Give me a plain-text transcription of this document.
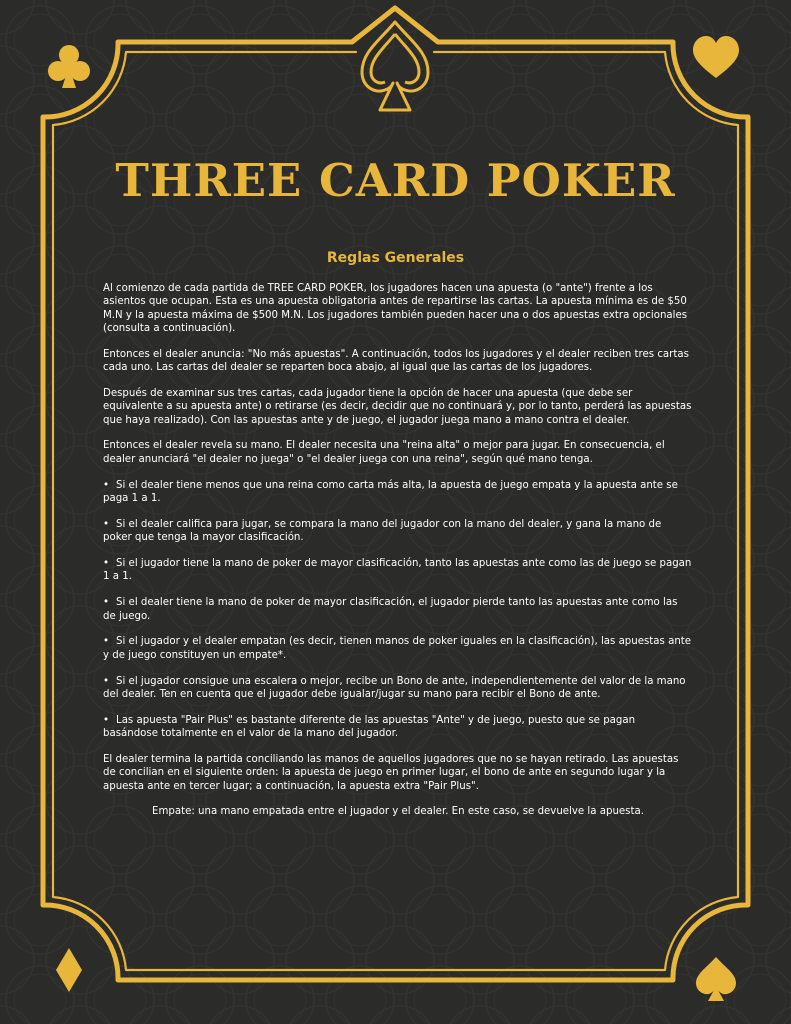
THREE CARD POKER
Reglas Generales

Al comienzo de cada partida de TREE CARD POKER, los jugadores hacen una apuesta (o "ante") frente a los asientos que ocupan. Esta es una apuesta obligatoria antes de repartirse las cartas. La apuesta mínima es de $50 M.N y la apuesta máxima de $500 M.N. Los jugadores también pueden hacer una o dos apuestas extra opcionales (consulta a continuación).

Entonces el dealer anuncia: "No más apuestas". A continuación, todos los jugadores y el dealer reciben tres cartas cada uno. Las cartas del dealer se reparten boca abajo, al igual que las cartas de los jugadores.

Después de examinar sus tres cartas, cada jugador tiene la opción de hacer una apuesta (que debe ser equivalente a su apuesta ante) o retirarse (es decir, decidir que no continuará y, por lo tanto, perderá las apuestas que haya realizado). Con las apuestas ante y de juego, el jugador juega mano a mano contra el dealer.

Entonces el dealer revela su mano. El dealer necesita una "reina alta" o mejor para jugar. En consecuencia, el dealer anunciará "el dealer no juega" o "el dealer juega con una reina", según qué mano tenga.

• Si el dealer tiene menos que una reina como carta más alta, la apuesta de juego empata y la apuesta ante se paga 1 a 1.

• Si el dealer califica para jugar, se compara la mano del jugador con la mano del dealer, y gana la mano de poker que tenga la mayor clasificación.

• Si el jugador tiene la mano de poker de mayor clasificación, tanto las apuestas ante como las de juego se pagan 1 a 1.

• Si el dealer tiene la mano de poker de mayor clasificación, el jugador pierde tanto las apuestas ante como las de juego.

• Si el jugador y el dealer empatan (es decir, tienen manos de poker iguales en la clasificación), las apuestas ante y de juego constituyen un empate*.

• Si el jugador consigue una escalera o mejor, recibe un Bono de ante, independientemente del valor de la mano del dealer. Ten en cuenta que el jugador debe igualar/jugar su mano para recibir el Bono de ante.

• Las apuesta "Pair Plus" es bastante diferente de las apuestas "Ante" y de juego, puesto que se pagan basándose totalmente en el valor de la mano del jugador.

El dealer termina la partida conciliando las manos de aquellos jugadores que no se hayan retirado. Las apuestas de concilian en el siguiente orden: la apuesta de juego en primer lugar, el bono de ante en segundo lugar y la apuesta ante en tercer lugar; a continuación, la apuesta extra "Pair Plus".

Empate: una mano empatada entre el jugador y el dealer. En este caso, se devuelve la apuesta.
